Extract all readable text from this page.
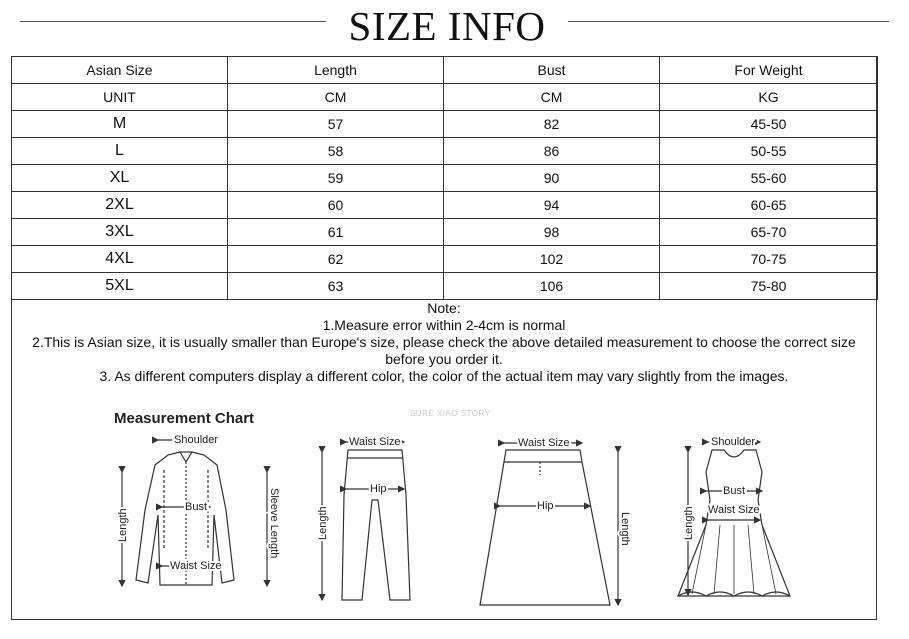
SIZE INFO
Asian Size	Length	Bust	For Weight
UNIT	CM	CM	KG
M	57	82	45-50
L	58	86	50-55
XL	59	90	55-60
2XL	60	94	60-65
3XL	61	98	65-70
4XL	62	102	70-75
5XL	63	106	75-80
Note:
1.Measure error within 2-4cm is normal
2.This is Asian size, it is usually smaller than Europe's size, please check the above detailed measurement to choose the correct size
before you order it.
3. As different computers display a different color, the color of the actual item may vary slightly from the images.
Measurement Chart	SURE XIAO STORY
Shoulder
Bust
Waist Size
Length	Sleeve Length
Waist Size
Hip
Length
Waist Size
Hip
Length
Shoulder
Bust
Waist Size
Length
